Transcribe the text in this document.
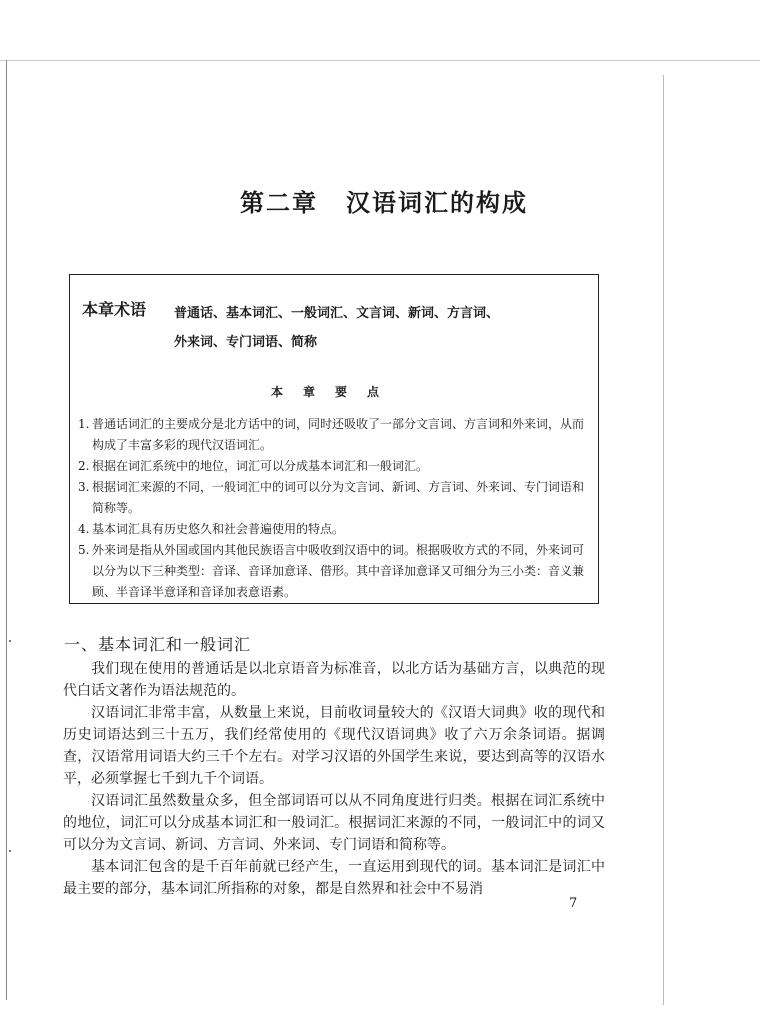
第二章 汉语词汇的构成
本章术语 普通话、基本词汇、一般词汇、文言词、新词、方言词、
外来词、专门词语、简称
本章要点
1. 普通话词汇的主要成分是北方话中的词，同时还吸收了一部分文言词、方言词和外来词，从而构成了丰富多彩的现代汉语词汇。
2. 根据在词汇系统中的地位，词汇可以分成基本词汇和一般词汇。
3. 根据词汇来源的不同，一般词汇中的词可以分为文言词、新词、方言词、外来词、专门词语和简称等。
4. 基本词汇具有历史悠久和社会普遍使用的特点。
5. 外来词是指从外国或国内其他民族语言中吸收到汉语中的词。根据吸收方式的不同，外来词可以分为以下三种类型：音译、音译加意译、借形。其中音译加意译又可细分为三小类：音义兼顾、半音译半意译和音译加表意语素。
一、基本词汇和一般词汇

我们现在使用的普通话是以北京语音为标准音，以北方话为基础方言，以典范的现代白话文著作为语法规范的。

汉语词汇非常丰富，从数量上来说，目前收词量较大的《汉语大词典》收的现代和历史词语达到三十五万，我们经常使用的《现代汉语词典》收了六万余条词语。据调查，汉语常用词语大约三千个左右。对学习汉语的外国学生来说，要达到高等的汉语水平，必须掌握七千到九千个词语。

汉语词汇虽然数量众多，但全部词语可以从不同角度进行归类。根据在词汇系统中的地位，词汇可以分成基本词汇和一般词汇。根据词汇来源的不同，一般词汇中的词又可以分为文言词、新词、方言词、外来词、专门词语和简称等。

基本词汇包含的是千百年前就已经产生，一直运用到现代的词。基本词汇是词汇中最主要的部分，基本词汇所指称的对象，都是自然界和社会中不易消

7
